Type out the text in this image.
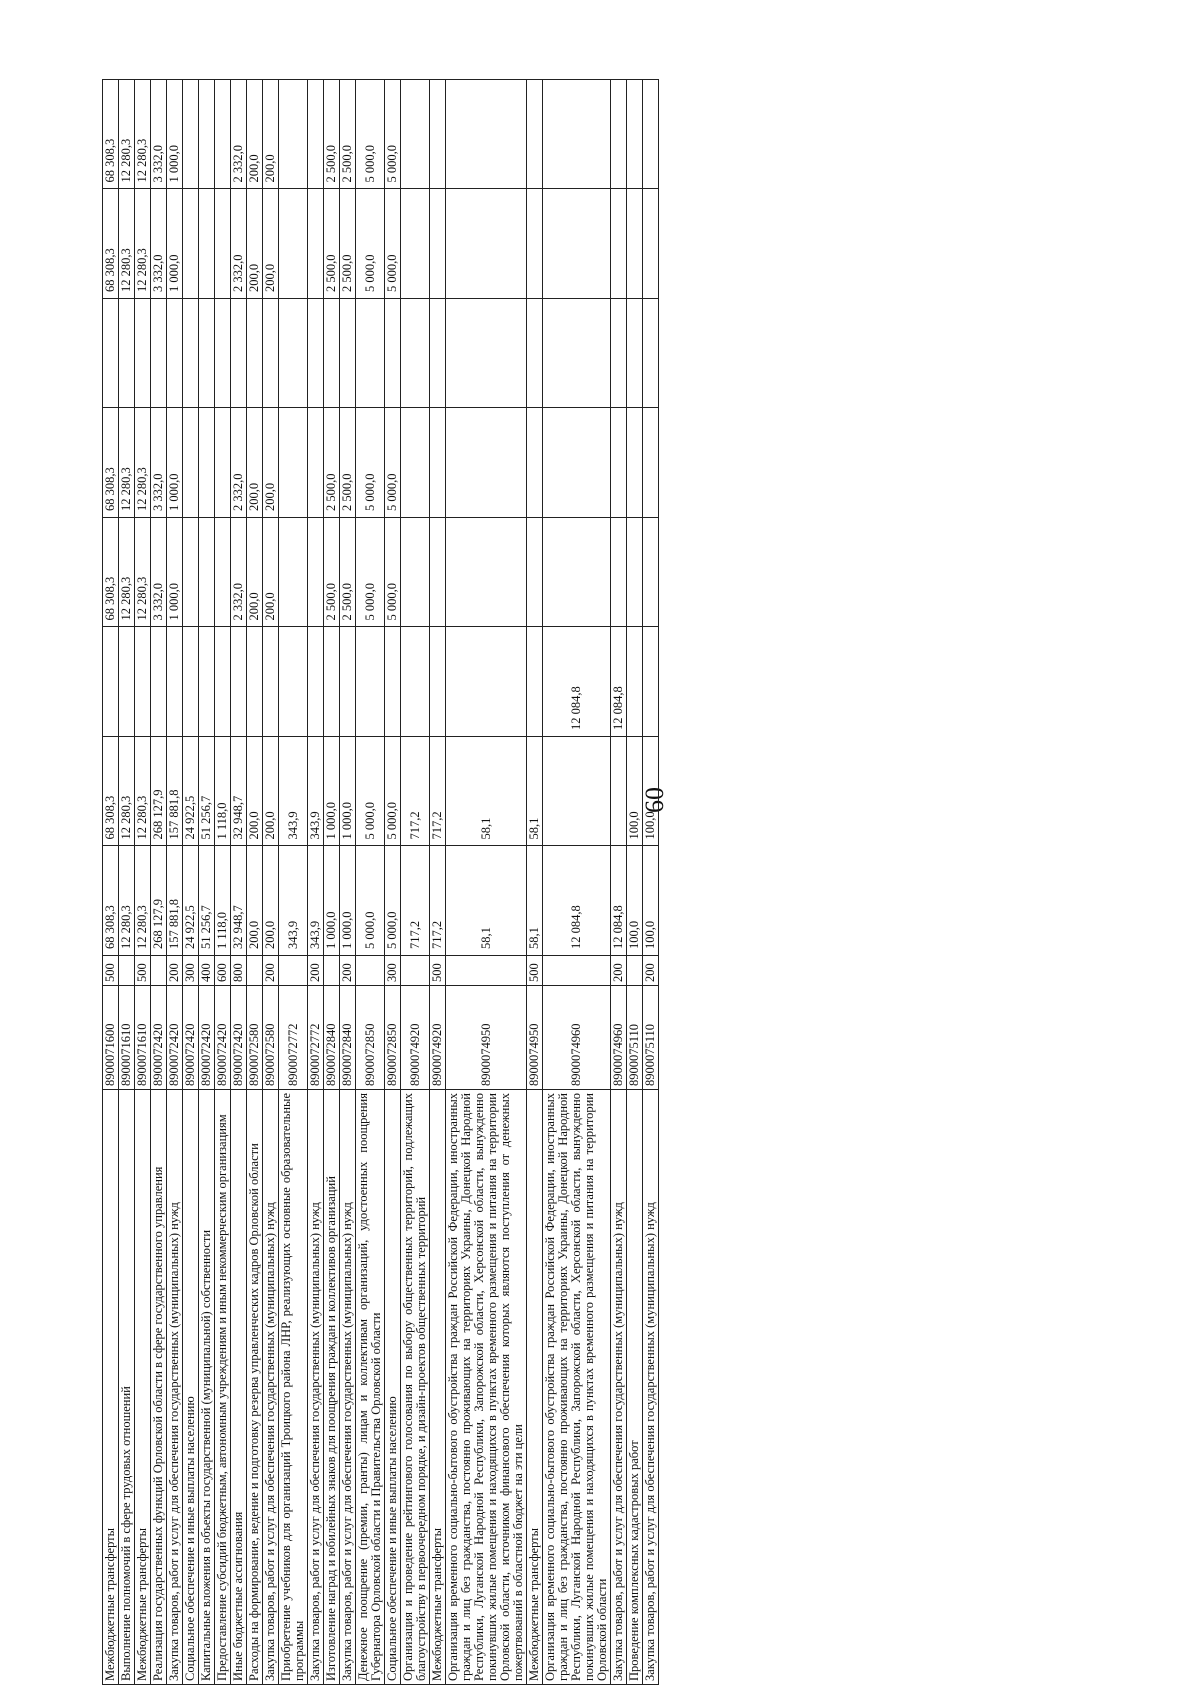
60
Межбюджетные трансферты	8900071600	500	68 308,3	68 308,3		68 308,3	68 308,3		68 308,3	68 308,3
Выполнение полномочий в сфере трудовых отношений	8900071610		12 280,3	12 280,3		12 280,3	12 280,3		12 280,3	12 280,3
Межбюджетные трансферты	8900071610	500	12 280,3	12 280,3		12 280,3	12 280,3		12 280,3	12 280,3
Реализация государственных функций Орловской области в сфере государственного управления	8900072420		268 127,9	268 127,9		3 332,0	3 332,0		3 332,0	3 332,0
Закупка товаров, работ и услуг для обеспечения государственных (муниципальных) нужд	8900072420	200	157 881,8	157 881,8		1 000,0	1 000,0		1 000,0	1 000,0
Социальное обеспечение и иные выплаты населению	8900072420	300	24 922,5	24 922,5						
Капитальные вложения в объекты государственной (муниципальной) собственности	8900072420	400	51 256,7	51 256,7						
Предоставление субсидий бюджетным, автономным учреждениям и иным некоммерческим организациям	8900072420	600	1 118,0	1 118,0						
Иные бюджетные ассигнования	8900072420	800	32 948,7	32 948,7		2 332,0	2 332,0		2 332,0	2 332,0
Расходы на формирование, ведение и подготовку резерва управленческих кадров Орловской области	8900072580		200,0	200,0		200,0	200,0		200,0	200,0
Закупка товаров, работ и услуг для обеспечения государственных (муниципальных) нужд	8900072580	200	200,0	200,0		200,0	200,0		200,0	200,0
Приобретение учебников для организаций Троицкого района ЛНР, реализующих основные образовательные программы	8900072772		343,9	343,9						
Закупка товаров, работ и услуг для обеспечения государственных (муниципальных) нужд	8900072772	200	343,9	343,9						
Изготовление наград и юбилейных знаков для поощрения граждан и коллективов организаций	8900072840		1 000,0	1 000,0		2 500,0	2 500,0		2 500,0	2 500,0
Закупка товаров, работ и услуг для обеспечения государственных (муниципальных) нужд	8900072840	200	1 000,0	1 000,0		2 500,0	2 500,0		2 500,0	2 500,0
Денежное поощрение (премии, гранты) лицам и коллективам организаций, удостоенных поощрения Губернатора Орловской области и Правительства Орловской области	8900072850		5 000,0	5 000,0		5 000,0	5 000,0		5 000,0	5 000,0
Социальное обеспечение и иные выплаты населению	8900072850	300	5 000,0	5 000,0		5 000,0	5 000,0		5 000,0	5 000,0
Организация и проведение рейтингового голосования по выбору общественных территорий, подлежащих благоустройству в первоочередном порядке, и дизайн-проектов общественных территорий	8900074920		717,2	717,2						
Межбюджетные трансферты	8900074920	500	717,2	717,2						
Организация временного социально-бытового обустройства граждан Российской Федерации, иностранных граждан и лиц без гражданства, постоянно проживающих на территориях Украины, Донецкой Народной Республики, Луганской Народной Республики, Запорожской области, Херсонской области, вынужденно покинувших жилые помещения и находящихся в пунктах временного размещения и питания на территории Орловской области, источником финансового обеспечения которых являются поступления от денежных пожертвований в областной бюджет на эти цели	8900074950		58,1	58,1						
Межбюджетные трансферты	8900074950	500	58,1	58,1						
Организация временного социально-бытового обустройства граждан Российской Федерации, иностранных граждан и лиц без гражданства, постоянно проживающих на территориях Украины, Донецкой Народной Республики, Луганской Народной Республики, Запорожской области, Херсонской области, вынужденно покинувших жилые помещения и находящихся в пунктах временного размещения и питания на территории Орловской области	8900074960		12 084,8		12 084,8					
Закупка товаров, работ и услуг для обеспечения государственных (муниципальных) нужд	8900074960	200	12 084,8		12 084,8					
Проведение комплексных кадастровых работ	8900075110		100,0	100,0						
Закупка товаров, работ и услуг для обеспечения государственных (муниципальных) нужд	8900075110	200	100,0	100,0						
